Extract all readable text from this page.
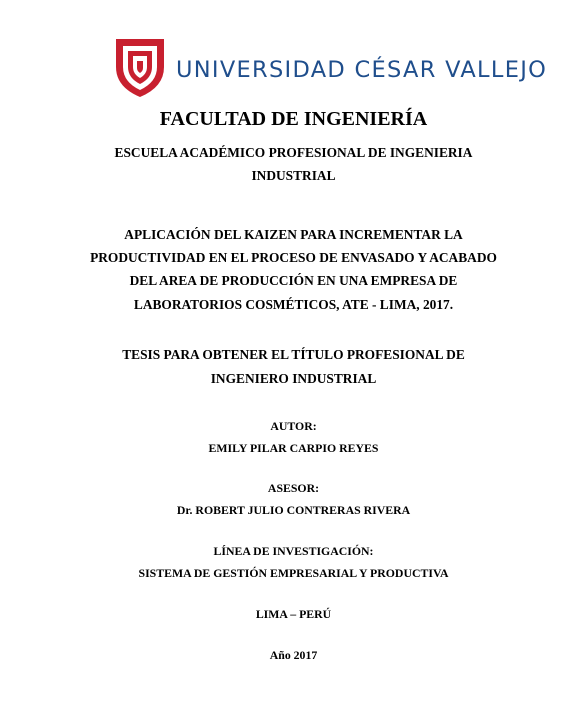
UNIVERSIDAD CÉSAR VALLEJO
FACULTAD DE INGENIERÍA
ESCUELA ACADÉMICO PROFESIONAL DE INGENIERIA
INDUSTRIAL
APLICACIÓN DEL KAIZEN PARA INCREMENTAR LA
PRODUCTIVIDAD EN EL PROCESO DE ENVASADO Y ACABADO
DEL AREA DE PRODUCCIÓN EN UNA EMPRESA DE
LABORATORIOS COSMÉTICOS, ATE - LIMA, 2017.
TESIS PARA OBTENER EL TÍTULO PROFESIONAL DE
INGENIERO INDUSTRIAL
AUTOR:
EMILY PILAR CARPIO REYES
ASESOR:
Dr. ROBERT JULIO CONTRERAS RIVERA
LÍNEA DE INVESTIGACIÓN:
SISTEMA DE GESTIÓN EMPRESARIAL Y PRODUCTIVA
LIMA – PERÚ
Año 2017
